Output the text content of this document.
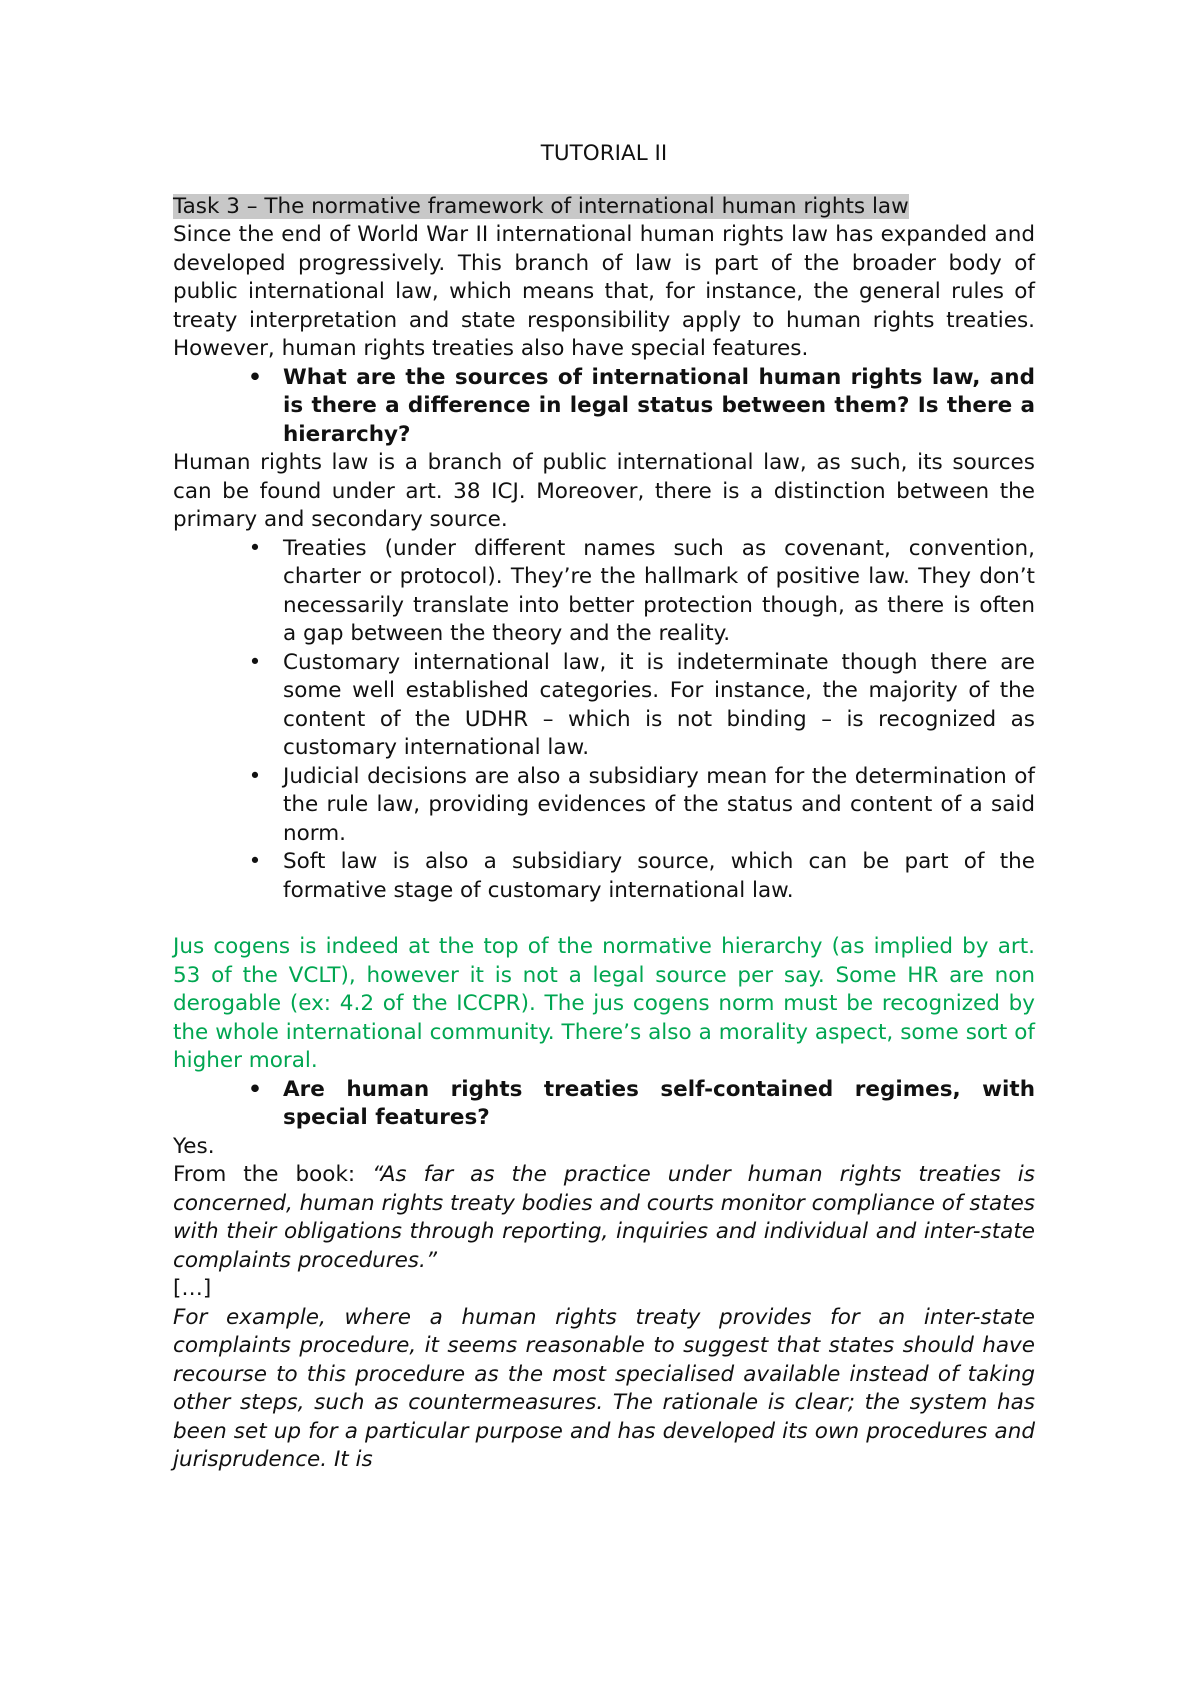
TUTORIAL II

Task 3 – The normative framework of international human rights law

Since the end of World War II international human rights law has expanded and developed progressively. This branch of law is part of the broader body of public international law, which means that, for instance, the general rules of treaty interpretation and state responsibility apply to human rights treaties. However, human rights treaties also have special features.

• What are the sources of international human rights law, and is there a difference in legal status between them? Is there a hierarchy?

Human rights law is a branch of public international law, as such, its sources can be found under art. 38 ICJ. Moreover, there is a distinction between the primary and secondary source.

• Treaties (under different names such as covenant, convention, charter or protocol). They’re the hallmark of positive law. They don’t necessarily translate into better protection though, as there is often a gap between the theory and the reality.
• Customary international law, it is indeterminate though there are some well established categories. For instance, the majority of the content of the UDHR – which is not binding – is recognized as customary international law.
• Judicial decisions are also a subsidiary mean for the determination of the rule law, providing evidences of the status and content of a said norm.
• Soft law is also a subsidiary source, which can be part of the formative stage of customary international law.

Jus cogens is indeed at the top of the normative hierarchy (as implied by art. 53 of the VCLT), however it is not a legal source per say. Some HR are non derogable (ex: 4.2 of the ICCPR). The jus cogens norm must be recognized by the whole international community. There’s also a morality aspect, some sort of higher moral.

• Are human rights treaties self-contained regimes, with special features?

Yes.

From the book: “As far as the practice under human rights treaties is concerned, human rights treaty bodies and courts monitor compliance of states with their obligations through reporting, inquiries and individual and inter-state complaints procedures.”

[…]

For example, where a human rights treaty provides for an inter-state complaints procedure, it seems reasonable to suggest that states should have recourse to this procedure as the most specialised available instead of taking other steps, such as countermeasures. The rationale is clear; the system has been set up for a particular purpose and has developed its own procedures and jurisprudence. It is
